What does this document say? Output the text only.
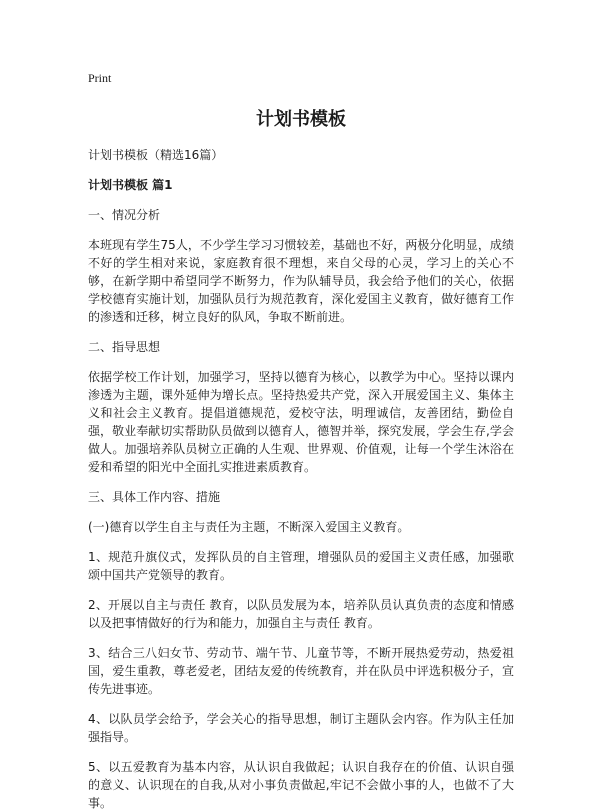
Print
计划书模板

计划书模板（精选16篇）

计划书模板 篇1

一、情况分析

本班现有学生75人，不少学生学习习惯较差，基础也不好，两极分化明显，成绩不好的学生相对来说，家庭教育很不理想，来自父母的心灵，学习上的关心不够，在新学期中希望同学不断努力，作为队辅导员，我会给予他们的关心，依据学校德育实施计划，加强队员行为规范教育，深化爱国主义教育，做好德育工作的渗透和迁移，树立良好的队风，争取不断前进。

二、指导思想

依据学校工作计划，加强学习，坚持以德育为核心，以教学为中心。坚持以课内渗透为主题，课外延伸为增长点。坚持热爱共产党，深入开展爱国主义、集体主义和社会主义教育。提倡道德规范，爱校守法，明理诚信，友善团结，勤俭自强，敬业奉献切实帮助队员做到以德育人，德智并举，探究发展，学会生存,学会做人。加强培养队员树立正确的人生观、世界观、价值观，让每一个学生沐浴在爱和希望的阳光中全面扎实推进素质教育。

三、具体工作内容、措施

(一)德育以学生自主与责任为主题，不断深入爱国主义教育。

1、规范升旗仪式，发挥队员的自主管理，增强队员的爱国主义责任感，加强歌颂中国共产党领导的教育。

2、开展以自主与责任 教育，以队员发展为本，培养队员认真负责的态度和情感以及把事情做好的行为和能力，加强自主与责任 教育。

3、结合三八妇女节、劳动节、端午节、儿童节等，不断开展热爱劳动，热爱祖国，爱生重教，尊老爱老，团结友爱的传统教育，并在队员中评选积极分子，宣传先进事迹。

4、以队员学会给予，学会关心的指导思想，制订主题队会内容。作为队主任加强指导。

5、以五爱教育为基本内容，从认识自我做起；认识自我存在的价值、认识自强的意义、认识现在的自我,从对小事负责做起,牢记不会做小事的人，也做不了大事。
